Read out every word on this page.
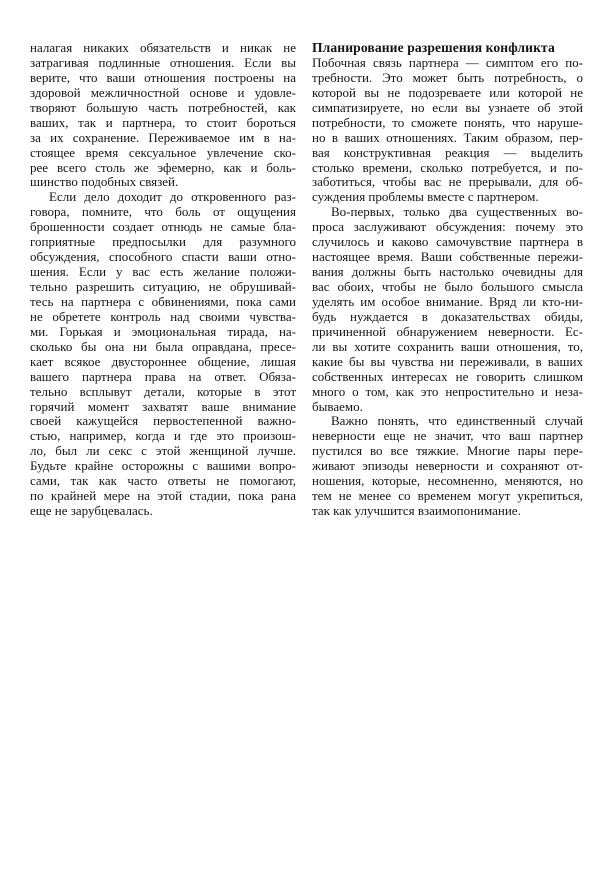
налагая никаких обязательств и никак не
затрагивая подлинные отношения. Если вы
верите, что ваши отношения построены на
здоровой межличностной основе и удовле-
творяют большую часть потребностей, как
ваших, так и партнера, то стоит бороться
за их сохранение. Переживаемое им в на-
стоящее время сексуальное увлечение ско-
рее всего столь же эфемерно, как и боль-
шинство подобных связей.
Если дело доходит до откровенного раз-
говора, помните, что боль от ощущения
брошенности создает отнюдь не самые бла-
гоприятные предпосылки для разумного
обсуждения, способного спасти ваши отно-
шения. Если у вас есть желание положи-
тельно разрешить ситуацию, не обрушивай-
тесь на партнера с обвинениями, пока сами
не обретете контроль над своими чувства-
ми. Горькая и эмоциональная тирада, на-
сколько бы она ни была оправдана, пресе-
кает всякое двустороннее общение, лишая
вашего партнера права на ответ. Обяза-
тельно всплывут детали, которые в этот
горячий момент захватят ваше внимание
своей кажущейся первостепенной важно-
стью, например, когда и где это произош-
ло, был ли секс с этой женщиной лучше.
Будьте крайне осторожны с вашими вопро-
сами, так как часто ответы не помогают,
по крайней мере на этой стадии, пока рана
еще не зарубцевалась.
Планирование разрешения конфликта
Побочная связь партнера — симптом его по-
требности. Это может быть потребность, о
которой вы не подозреваете или которой не
симпатизируете, но если вы узнаете об этой
потребности, то сможете понять, что наруше-
но в ваших отношениях. Таким образом, пер-
вая конструктивная реакция — выделить
столько времени, сколько потребуется, и по-
заботиться, чтобы вас не прерывали, для об-
суждения проблемы вместе с партнером.
Во-первых, только два существенных во-
проса заслуживают обсуждения: почему это
случилось и каково самочувствие партнера в
настоящее время. Ваши собственные пережи-
вания должны быть настолько очевидны для
вас обоих, чтобы не было большого смысла
уделять им особое внимание. Вряд ли кто-ни-
будь нуждается в доказательствах обиды,
причиненной обнаружением неверности. Ес-
ли вы хотите сохранить ваши отношения, то,
какие бы вы чувства ни переживали, в ваших
собственных интересах не говорить слишком
много о том, как это непростительно и неза-
бываемо.
Важно понять, что единственный случай
неверности еще не значит, что ваш партнер
пустился во все тяжкие. Многие пары пере-
живают эпизоды неверности и сохраняют от-
ношения, которые, несомненно, меняются, но
тем не менее со временем могут укрепиться,
так как улучшится взаимопонимание.
